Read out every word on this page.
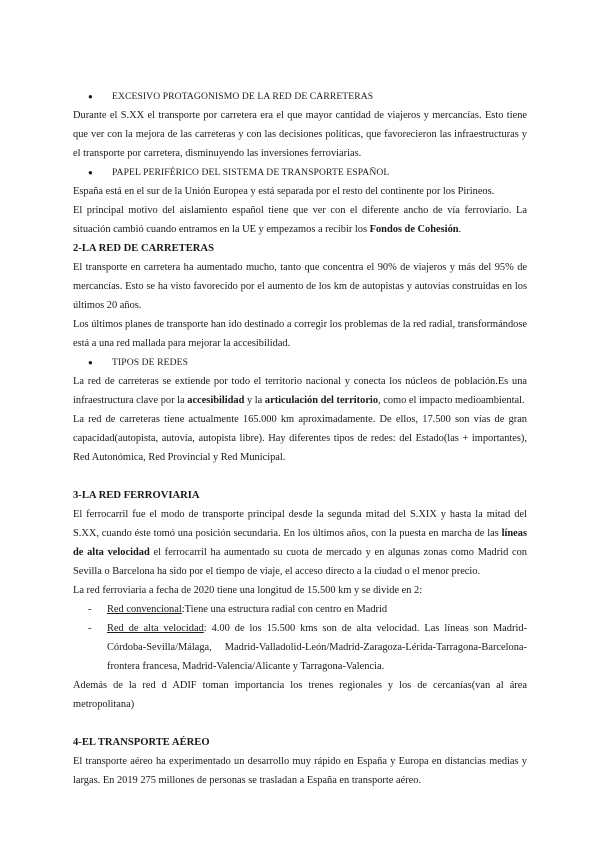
●	EXCESIVO PROTAGONISMO DE LA RED DE CARRETERAS

Durante el S.XX el transporte por carretera era el que mayor cantidad de viajeros y mercancías. Esto tiene que ver con la mejora de las carreteras y con las decisiones políticas, que favorecieron las infraestructuras y el transporte por carretera, disminuyendo las inversiones ferroviarias.

●	PAPEL PERIFÉRICO DEL SISTEMA DE TRANSPORTE ESPAÑOL

España está en el sur de la Unión Europea y está separada por el resto del continente por los Pirineos.

El principal motivo del aislamiento español tiene que ver con el diferente ancho de vía ferroviario. La situación cambió cuando entramos en la UE y empezamos a recibir los Fondos de Cohesión.

2-LA RED DE CARRETERAS

El transporte en carretera ha aumentado mucho, tanto que concentra el 90% de viajeros y más del 95% de mercancías. Esto se ha visto favorecido por el aumento de los km de autopistas y autovías construidas en los últimos 20 años.

Los últimos planes de transporte han ido destinado a corregir los problemas de la red radial, transformándose está a una red mallada para mejorar la accesibilidad.

●	TIPOS DE REDES

La red de carreteras se extiende por todo el territorio nacional y conecta los núcleos de población.Es una infraestructura clave por la accesibilidad y la articulación del territorio, como el impacto medioambiental.

La red de carreteras tiene actualmente 165.000 km aproximadamente. De ellos, 17.500 son vías de gran capacidad(autopista, autovía, autopista libre). Hay diferentes tipos de redes: del Estado(las + importantes), Red Autonómica, Red Provincial y Red Municipal.

3-LA RED FERROVIARIA

El ferrocarril fue el modo de transporte principal desde la segunda mitad del S.XIX y hasta la mitad del S.XX, cuando éste tomó una posición secundaria. En los últimos años, con la puesta en marcha de las líneas de alta velocidad el ferrocarril ha aumentado su cuota de mercado y en algunas zonas como Madrid con Sevilla o Barcelona ha sido por el tiempo de viaje, el acceso directo a la ciudad o el menor precio.

La red ferroviaria a fecha de 2020 tiene una longitud de 15.500 km y se divide en 2:

-	Red convencional:Tiene una estructura radial con centro en Madrid
-	Red de alta velocidad: 4.00 de los 15.500 kms son de alta velocidad. Las líneas son Madrid-Córdoba-Sevilla/Málaga, Madrid-Valladolid-León/Madrid-Zaragoza-Lérida-Tarragona-Barcelona-frontera francesa, Madrid-Valencia/Alicante y Tarragona-Valencia.

Además de la red d ADIF toman importancia los trenes regionales y los de cercanías(van al área metropolitana)

4-EL TRANSPORTE AÉREO

El transporte aéreo ha experimentado un desarrollo muy rápido en España y Europa en distancias medias y largas. En 2019 275 millones de personas se trasladan a España en transporte aéreo.
